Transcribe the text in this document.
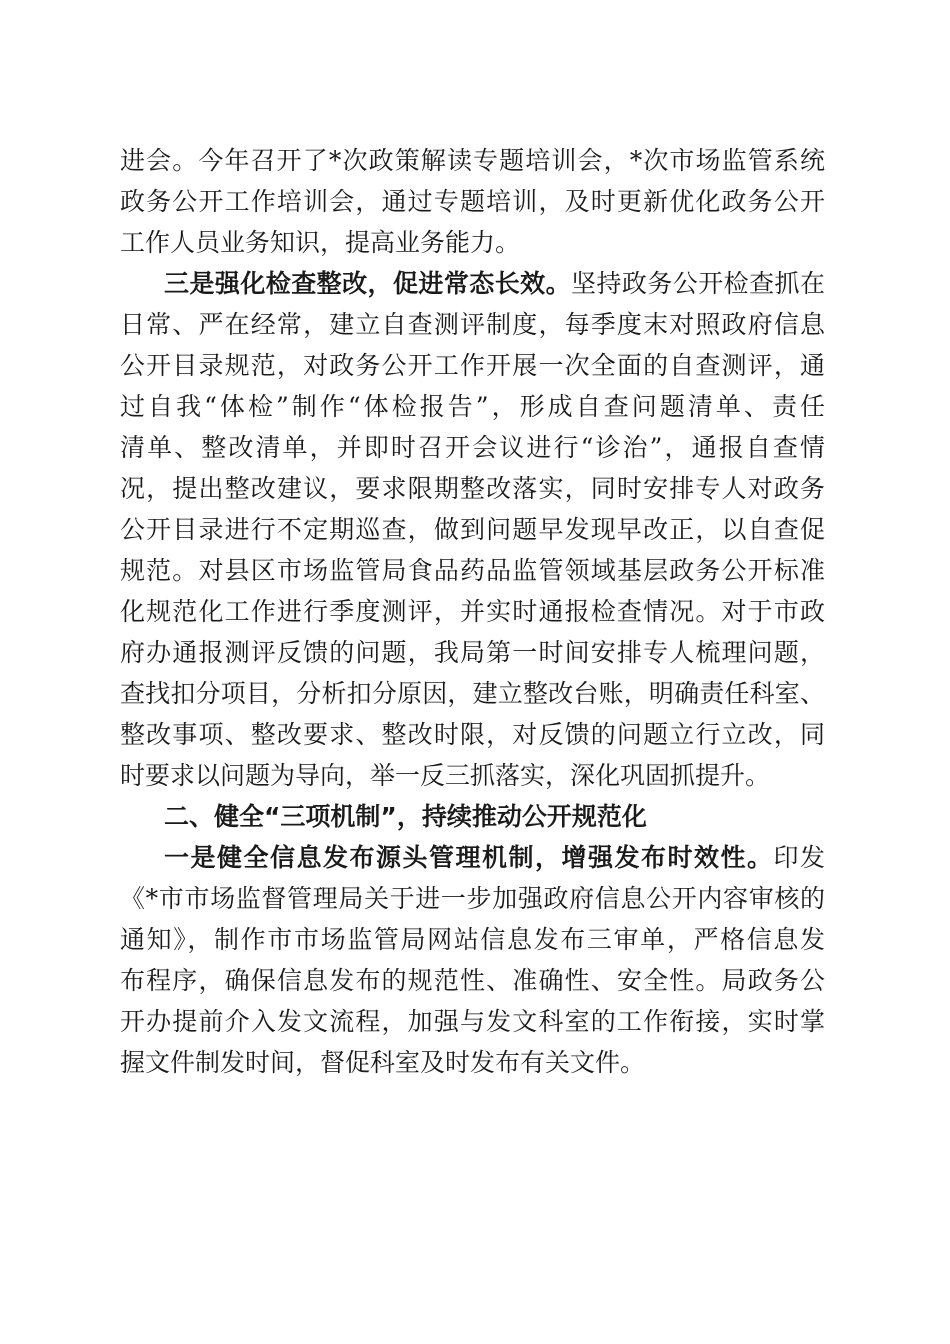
进会。今年召开了*次政策解读专题培训会，*次市场监管系统
政务公开工作培训会，通过专题培训，及时更新优化政务公开
工作人员业务知识，提高业务能力。
三是强化检查整改，促进常态长效。坚持政务公开检查抓在
日常、严在经常，建立自查测评制度，每季度末对照政府信息
公开目录规范，对政务公开工作开展一次全面的自查测评，通
过自我“体检”制作“体检报告”，形成自查问题清单、责任
清单、整改清单，并即时召开会议进行“诊治”，通报自查情
况，提出整改建议，要求限期整改落实，同时安排专人对政务
公开目录进行不定期巡查，做到问题早发现早改正，以自查促
规范。对县区市场监管局食品药品监管领域基层政务公开标准
化规范化工作进行季度测评，并实时通报检查情况。对于市政
府办通报测评反馈的问题，我局第一时间安排专人梳理问题，
查找扣分项目，分析扣分原因，建立整改台账，明确责任科室、
整改事项、整改要求、整改时限，对反馈的问题立行立改，同
时要求以问题为导向，举一反三抓落实，深化巩固抓提升。
二、健全“三项机制”，持续推动公开规范化
一是健全信息发布源头管理机制，增强发布时效性。印发
《*市市场监督管理局关于进一步加强政府信息公开内容审核的
通知》，制作市市场监管局网站信息发布三审单，严格信息发
布程序，确保信息发布的规范性、准确性、安全性。局政务公
开办提前介入发文流程，加强与发文科室的工作衔接，实时掌
握文件制发时间，督促科室及时发布有关文件。
